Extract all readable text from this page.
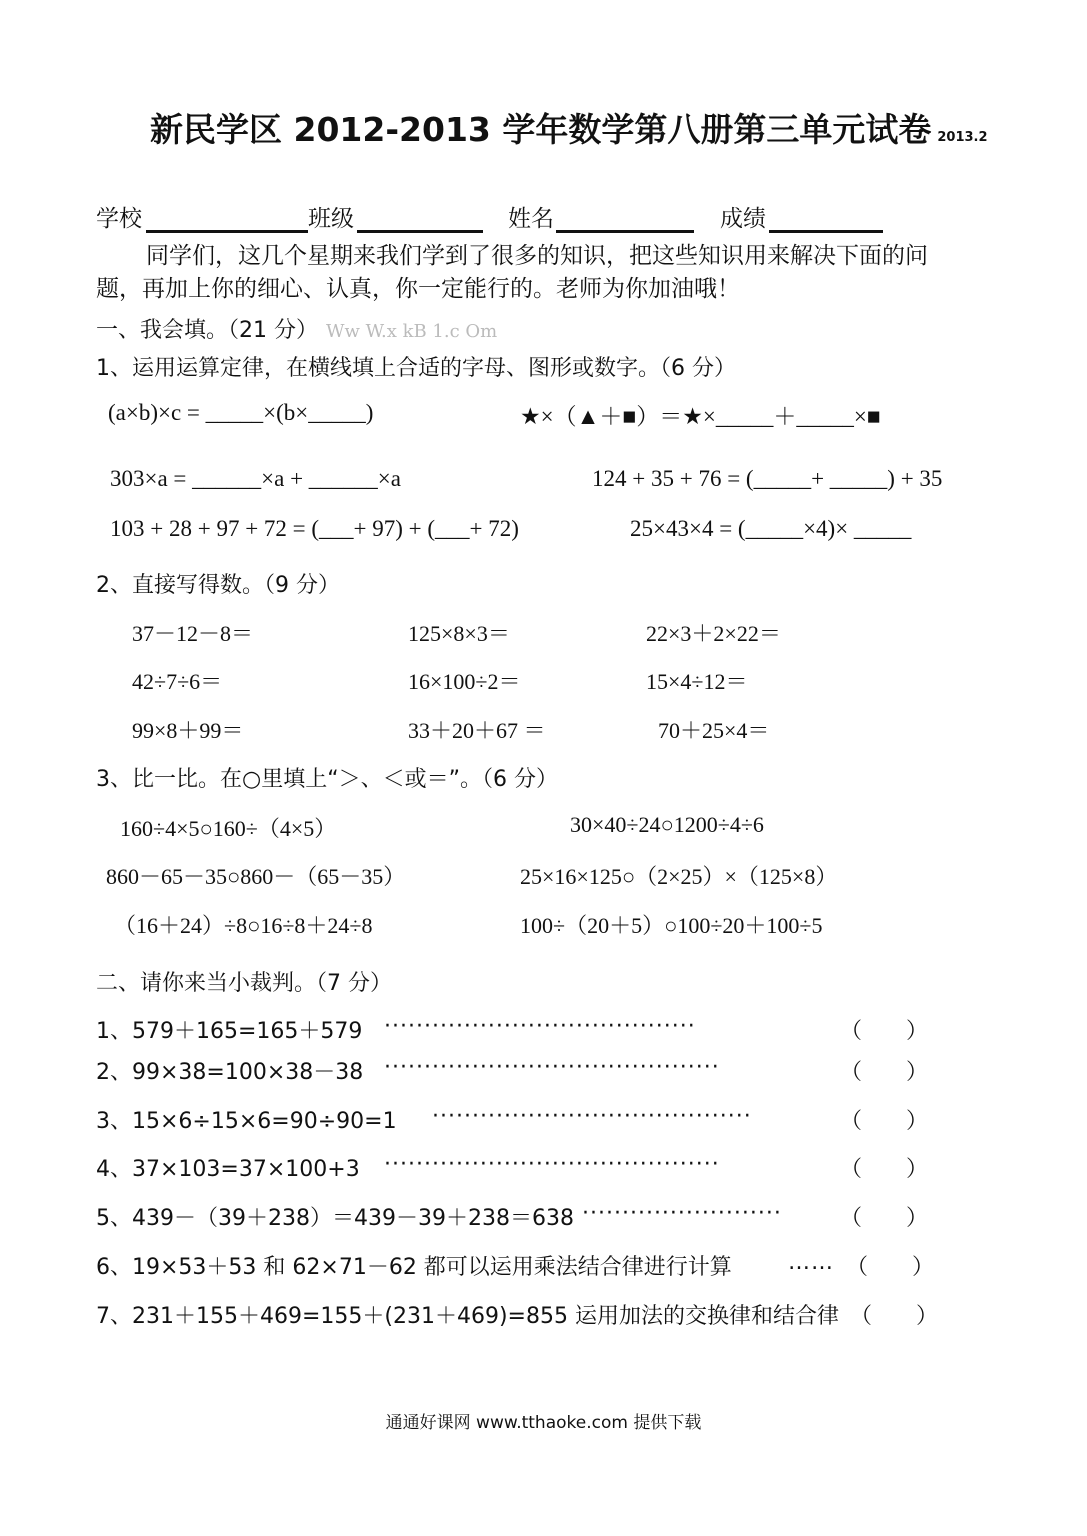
新民学区 2012-2013 学年数学第八册第三单元试卷 2013.2
学校	班级	姓名	成绩
同学们，这几个星期来我们学到了很多的知识，把这些知识用来解决下面的问
题，再加上你的细心、认真，你一定能行的。老师为你加油哦！
一、我会填。（21 分） Ww W.x kB 1.c Om
1、运用运算定律，在横线填上合适的字母、图形或数字。（6 分）
(a×b)×c = _____×(b×_____)	★×（▲＋■）＝★×_____＋_____×■
303×a = ______×a + ______×a	124 + 35 + 76 = (_____+ _____) + 35
103 + 28 + 97 + 72 = (___+ 97) + (___+ 72)	25×43×4 = (_____×4)× _____
2、直接写得数。（9 分）
37－12－8＝	125×8×3＝	22×3＋2×22＝
42÷7÷6＝	16×100÷2＝	15×4÷12＝
99×8＋99＝	33＋20＋67 ＝	70＋25×4＝
3、比一比。在○里填上“＞、＜或＝”。（6 分）
160÷4×5○160÷（4×5）	30×40÷24○1200÷4÷6
860－65－35○860－（65－35）	25×16×125○（2×25）×（125×8）
（16＋24）÷8○16÷8＋24÷8	100÷（20＋5）○100÷20＋100÷5
二、请你来当小裁判。（7 分）
1、579＋165=165＋579 ·······································	（　　）
2、99×38=100×38－38 ··········································	（　　）
3、15×6÷15×6=90÷90=1 ········································	（　　）
4、37×103=37×100+3 ··········································	（　　）
5、439－（39＋238）＝439－39＋238＝638 ·························	（　　）
6、19×53＋53 和 62×71－62 都可以运用乘法结合律进行计算	…… （　　）
7、231＋155＋469=155＋(231＋469)=855 运用加法的交换律和结合律 （　　）
通通好课网 www.tthaoke.com 提供下载
